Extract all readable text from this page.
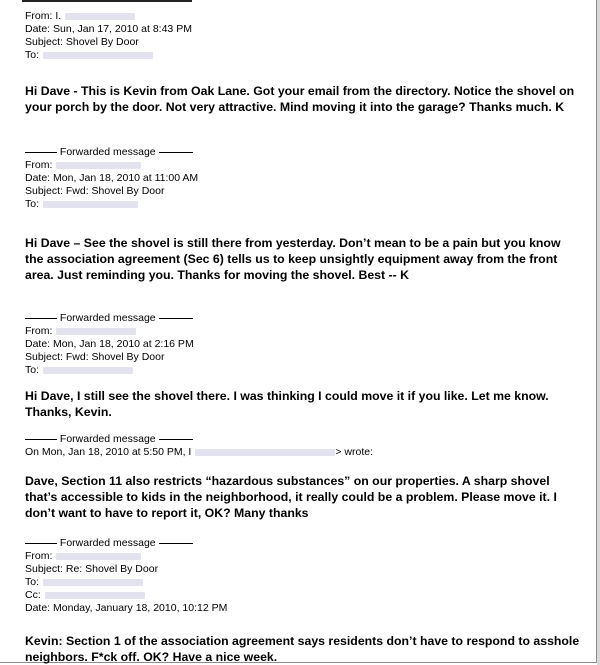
From: I.
Date: Sun, Jan 17, 2010 at 8:43 PM
Subject: Shovel By Door
To:

Hi Dave - This is Kevin from Oak Lane. Got your email from the directory. Notice the shovel on your porch by the door. Not very attractive. Mind moving it into the garage? Thanks much. K

Forwarded message
From:
Date: Mon, Jan 18, 2010 at 11:00 AM
Subject: Fwd: Shovel By Door
To:

Hi Dave – See the shovel is still there from yesterday. Don’t mean to be a pain but you know the association agreement (Sec 6) tells us to keep unsightly equipment away from the front area. Just reminding you. Thanks for moving the shovel. Best -- K

Forwarded message
From:
Date: Mon, Jan 18, 2010 at 2:16 PM
Subject: Fwd: Shovel By Door
To:

Hi Dave, I still see the shovel there. I was thinking I could move it if you like. Let me know. Thanks, Kevin.

Forwarded message
On Mon, Jan 18, 2010 at 5:50 PM, I	> wrote:

Dave, Section 11 also restricts “hazardous substances” on our properties. A sharp shovel that’s accessible to kids in the neighborhood, it really could be a problem. Please move it. I don’t want to have to report it, OK? Many thanks

Forwarded message
From:
Subject: Re: Shovel By Door
To:
Cc:
Date: Monday, January 18, 2010, 10:12 PM

Kevin: Section 1 of the association agreement says residents don’t have to respond to asshole neighbors. F*ck off. OK? Have a nice week.
